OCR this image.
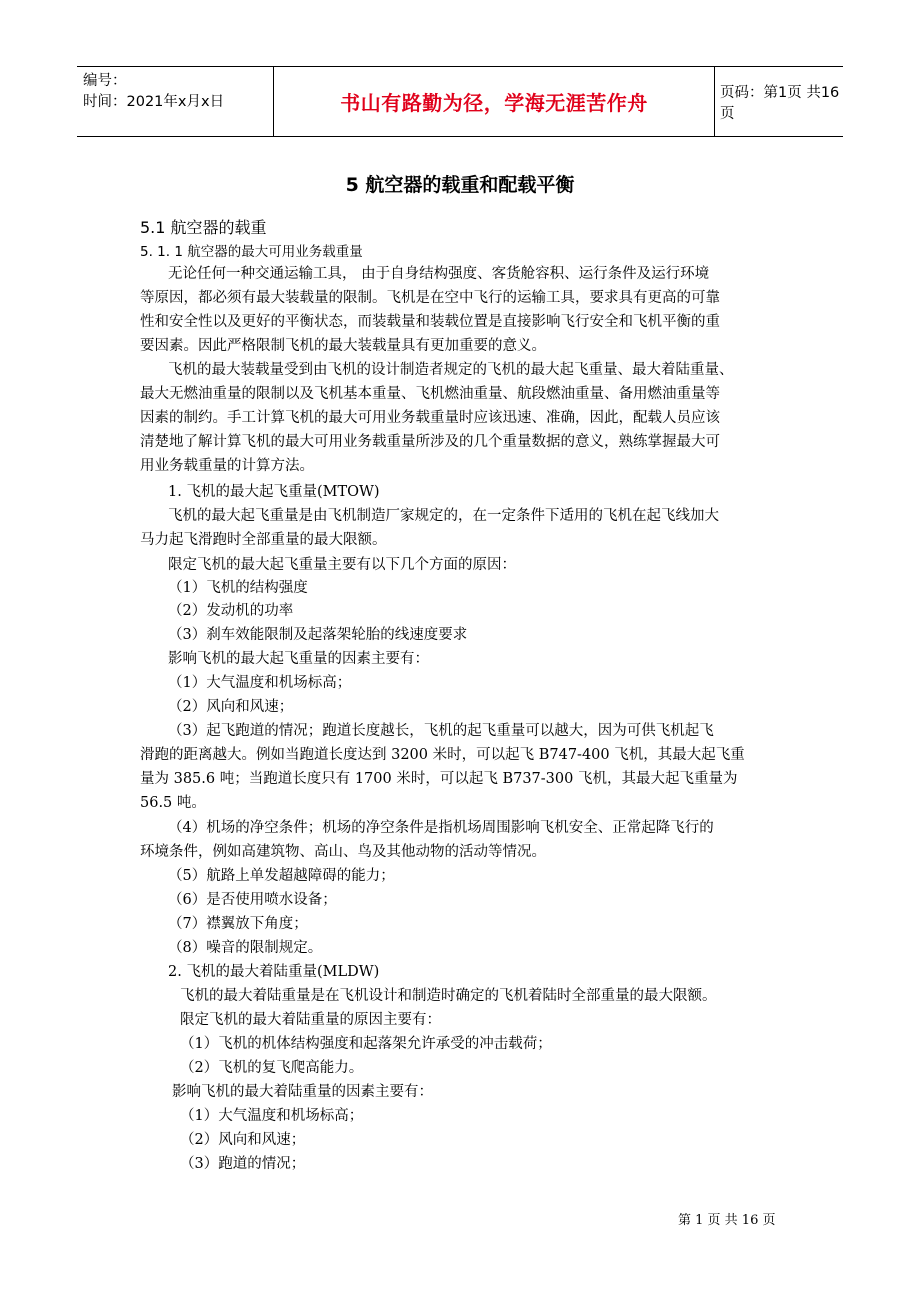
编号：
时间：2021年x月x日	书山有路勤为径，学海无涯苦作舟	页码：第1页 共16页
5 航空器的载重和配载平衡
5.1 航空器的载重
5. 1. 1 航空器的最大可用业务载重量
无论任何一种交通运输工具， 由于自身结构强度、客货舱容积、运行条件及运行环境
等原因，都必须有最大装载量的限制。飞机是在空中飞行的运输工具，要求具有更高的可靠
性和安全性以及更好的平衡状态，而装载量和装载位置是直接影响飞行安全和飞机平衡的重
要因素。因此严格限制飞机的最大装载量具有更加重要的意义。
飞机的最大装载量受到由飞机的设计制造者规定的飞机的最大起飞重量、最大着陆重量、
最大无燃油重量的限制以及飞机基本重量、飞机燃油重量、航段燃油重量、备用燃油重量等
因素的制约。手工计算飞机的最大可用业务载重量时应该迅速、准确，因此，配载人员应该
清楚地了解计算飞机的最大可用业务载重量所涉及的几个重量数据的意义，熟练掌握最大可
用业务载重量的计算方法。
1. 飞机的最大起飞重量(MTOW)
飞机的最大起飞重量是由飞机制造厂家规定的，在一定条件下适用的飞机在起飞线加大
马力起飞滑跑时全部重量的最大限额。
限定飞机的最大起飞重量主要有以下几个方面的原因：
（1）飞机的结构强度
（2）发动机的功率
（3）刹车效能限制及起落架轮胎的线速度要求
影响飞机的最大起飞重量的因素主要有：
（1）大气温度和机场标高；
（2）风向和风速；
（3）起飞跑道的情况；跑道长度越长，飞机的起飞重量可以越大，因为可供飞机起飞
滑跑的距离越大。例如当跑道长度达到 3200 米时，可以起飞 B747-400 飞机，其最大起飞重
量为 385.6 吨；当跑道长度只有 1700 米时，可以起飞 B737-300 飞机，其最大起飞重量为
56.5 吨。
（4）机场的净空条件；机场的净空条件是指机场周围影响飞机安全、正常起降飞行的
环境条件，例如高建筑物、高山、鸟及其他动物的活动等情况。
（5）航路上单发超越障碍的能力；
（6）是否使用喷水设备；
（7）襟翼放下角度；
（8）噪音的限制规定。
2. 飞机的最大着陆重量(MLDW)
飞机的最大着陆重量是在飞机设计和制造时确定的飞机着陆时全部重量的最大限额。
限定飞机的最大着陆重量的原因主要有：
（1）飞机的机体结构强度和起落架允许承受的冲击载荷；
（2）飞机的复飞爬高能力。
影响飞机的最大着陆重量的因素主要有：
（1）大气温度和机场标高；
（2）风向和风速；
（3）跑道的情况；
第 1 页 共 16 页
